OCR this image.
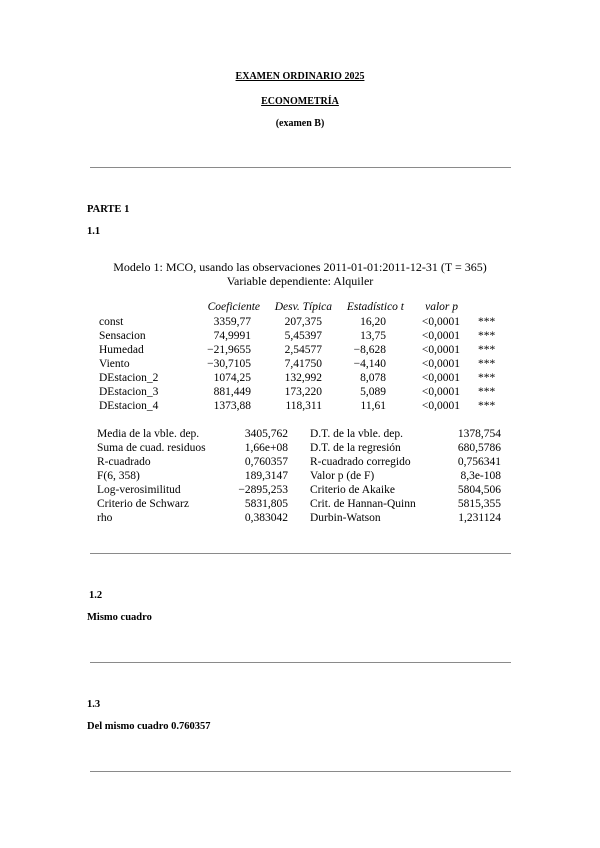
EXAMEN ORDINARIO 2025
ECONOMETRÍA
(examen B)
PARTE 1
1.1
Modelo 1: MCO, usando las observaciones 2011-01-01:2011-12-31 (T = 365)
Variable dependiente: Alquiler
Coeficiente	Desv. Típica	Estadístico t	valor p
const	3359,77	207,375	16,20	<0,0001 ***
Sensacion	74,9991	5,45397	13,75	<0,0001 ***
Humedad	−21,9655	2,54577	−8,628	<0,0001 ***
Viento	−30,7105	7,41750	−4,140	<0,0001 ***
DEstacion_2	1074,25	132,992	8,078	<0,0001 ***
DEstacion_3	881,449	173,220	5,089	<0,0001 ***
DEstacion_4	1373,88	118,311	11,61	<0,0001 ***
Media de la vble. dep.	3405,762 D.T. de la vble. dep.	1378,754
Suma de cuad. residuos	1,66e+08 D.T. de la regresión	680,5786
R-cuadrado	0,760357 R-cuadrado corregido	0,756341
F(6, 358)	189,3147 Valor p (de F)	8,3e-108
Log-verosimilitud	−2895,253 Criterio de Akaike	5804,506
Criterio de Schwarz	5831,805 Crit. de Hannan-Quinn	5815,355
rho	0,383042 Durbin-Watson	1,231124
1.2
Mismo cuadro
1.3
Del mismo cuadro 0.760357
